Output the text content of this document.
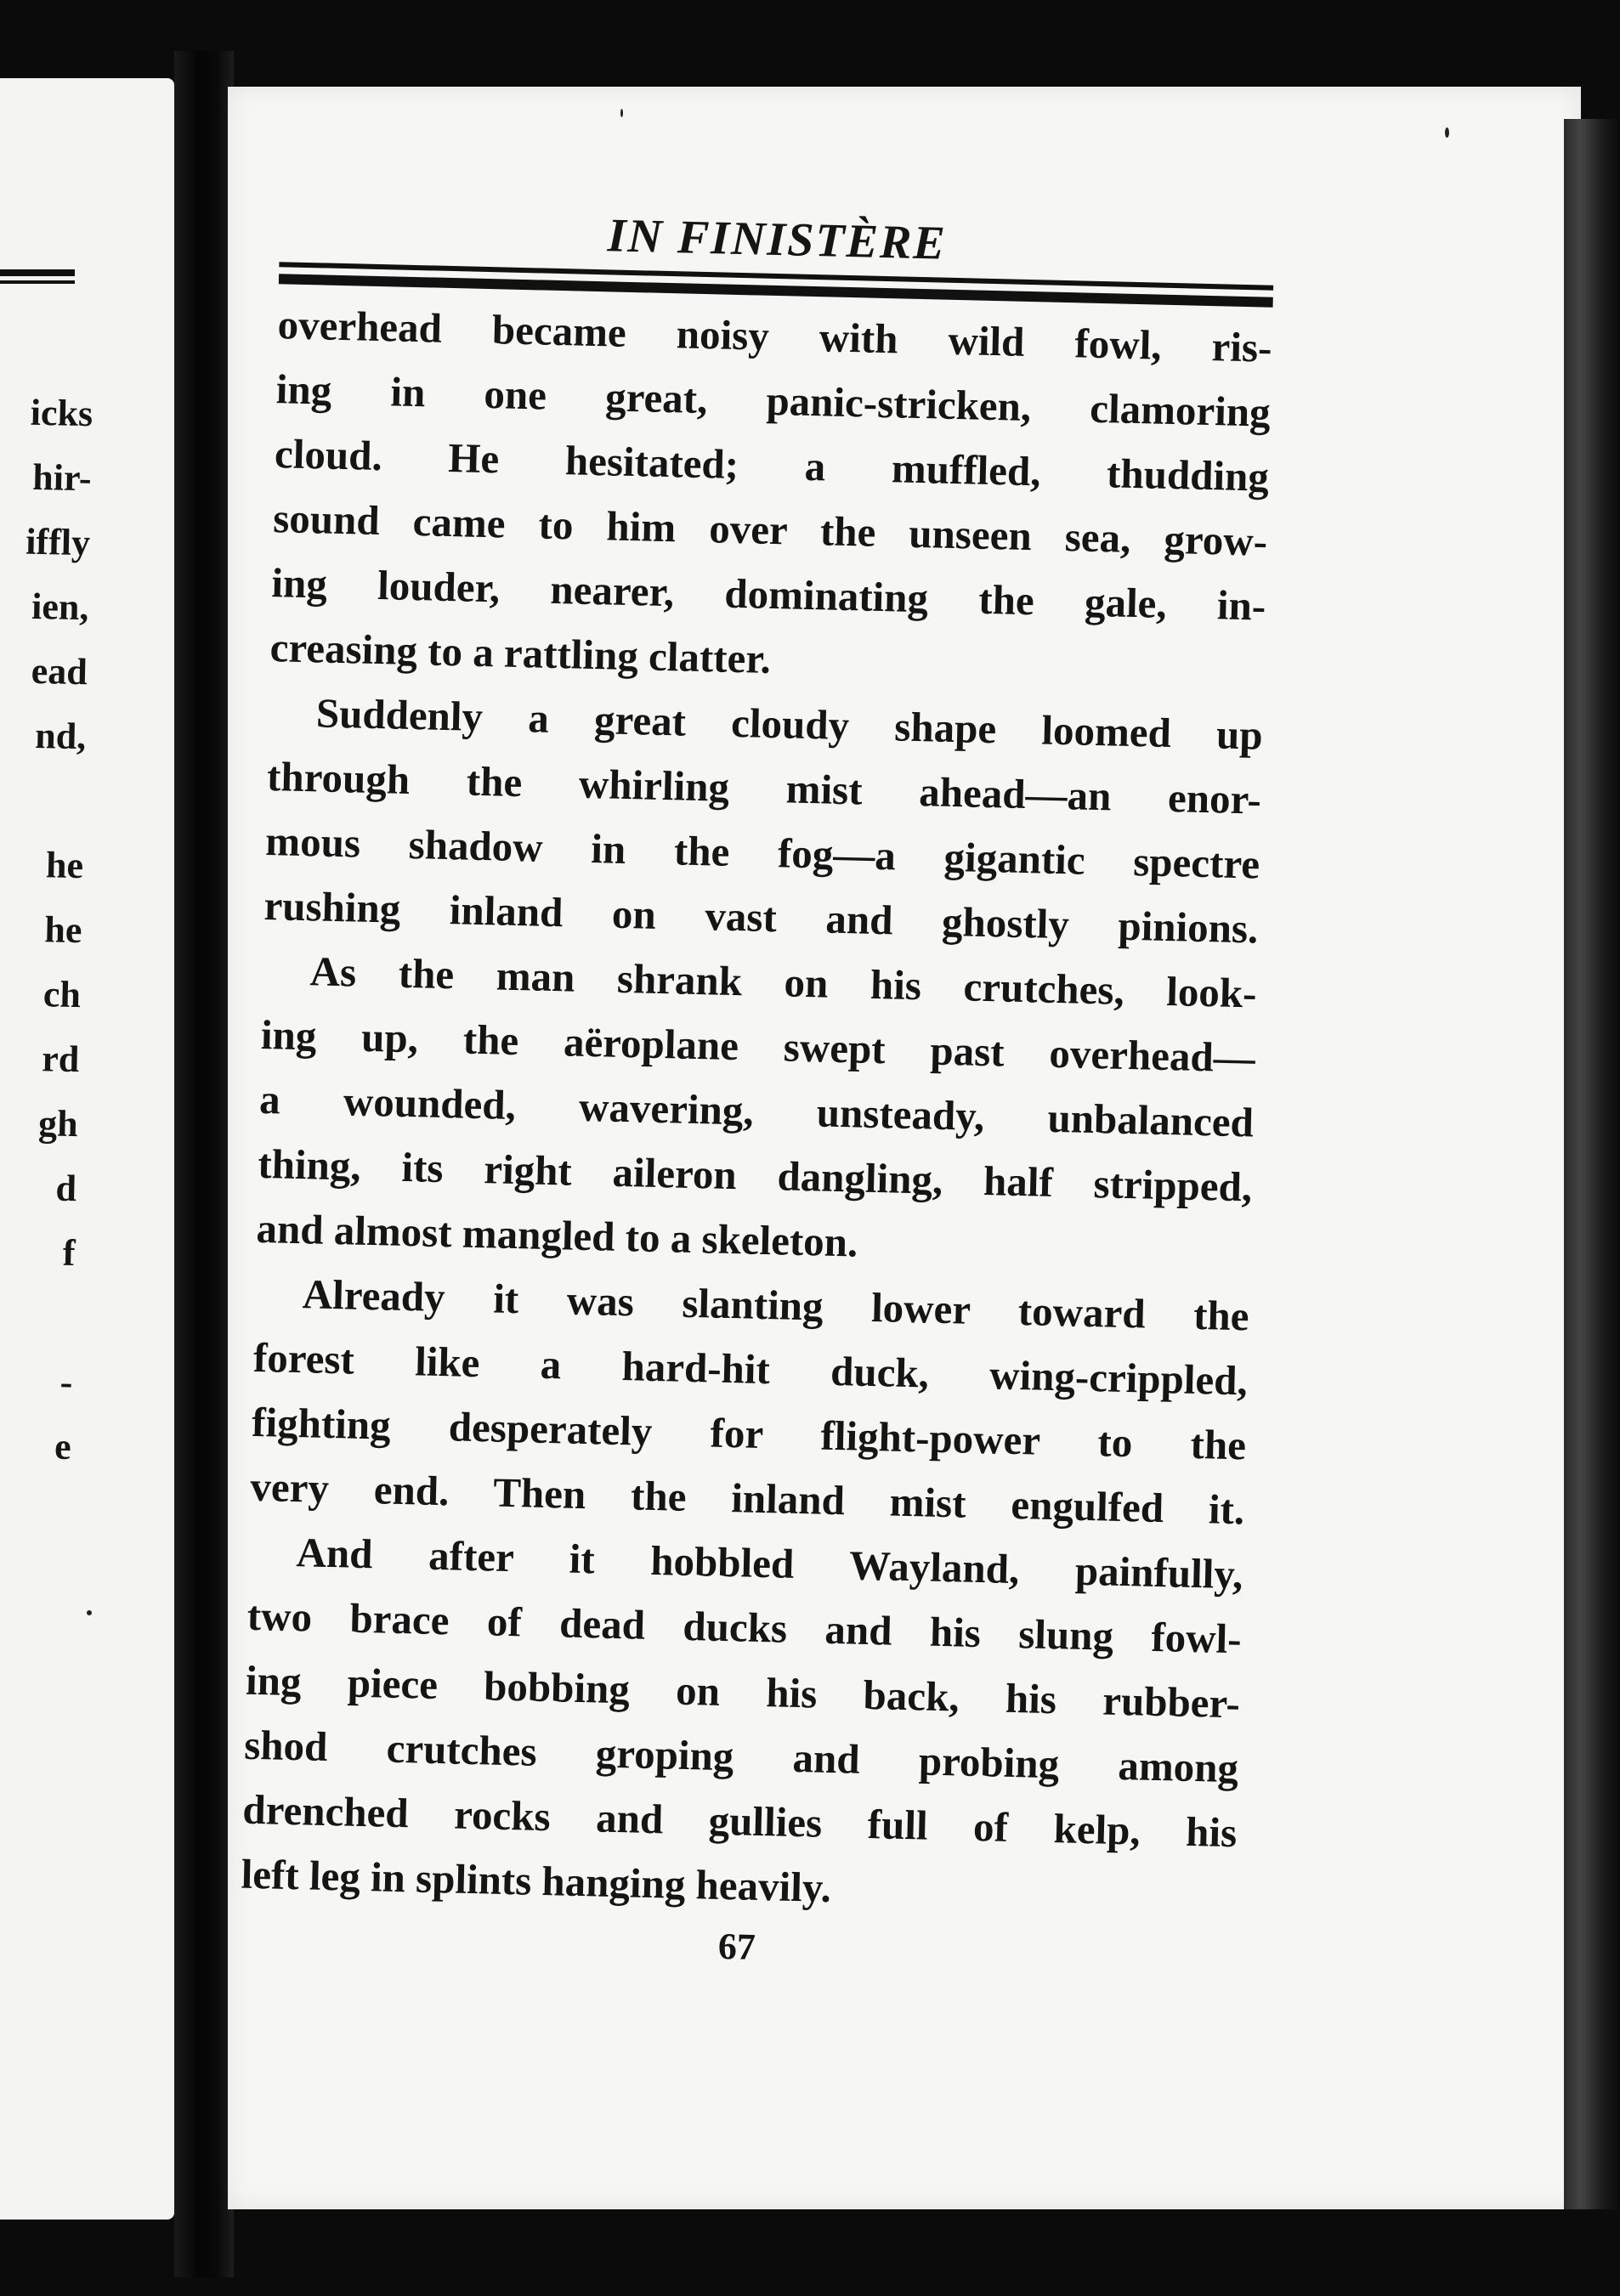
icks
hir-
iffly
ien,
ead
nd,
he
he
ch
rd
gh
d
f
-
e
IN FINISTÈRE
overhead became noisy with wild fowl, ris-
ing in one great, panic-stricken, clamoring
cloud. He hesitated; a muffled, thudding
sound came to him over the unseen sea, grow-
ing louder, nearer, dominating the gale, in-
creasing to a rattling clatter.
Suddenly a great cloudy shape loomed up
through the whirling mist ahead—an enor-
mous shadow in the fog—a gigantic spectre
rushing inland on vast and ghostly pinions.
As the man shrank on his crutches, look-
ing up, the aëroplane swept past overhead—
a wounded, wavering, unsteady, unbalanced
thing, its right aileron dangling, half stripped,
and almost mangled to a skeleton.
Already it was slanting lower toward the
forest like a hard-hit duck, wing-crippled,
fighting desperately for flight-power to the
very end. Then the inland mist engulfed it.
And after it hobbled Wayland, painfully,
two brace of dead ducks and his slung fowl-
ing piece bobbing on his back, his rubber-
shod crutches groping and probing among
drenched rocks and gullies full of kelp, his
left leg in splints hanging heavily.
67
